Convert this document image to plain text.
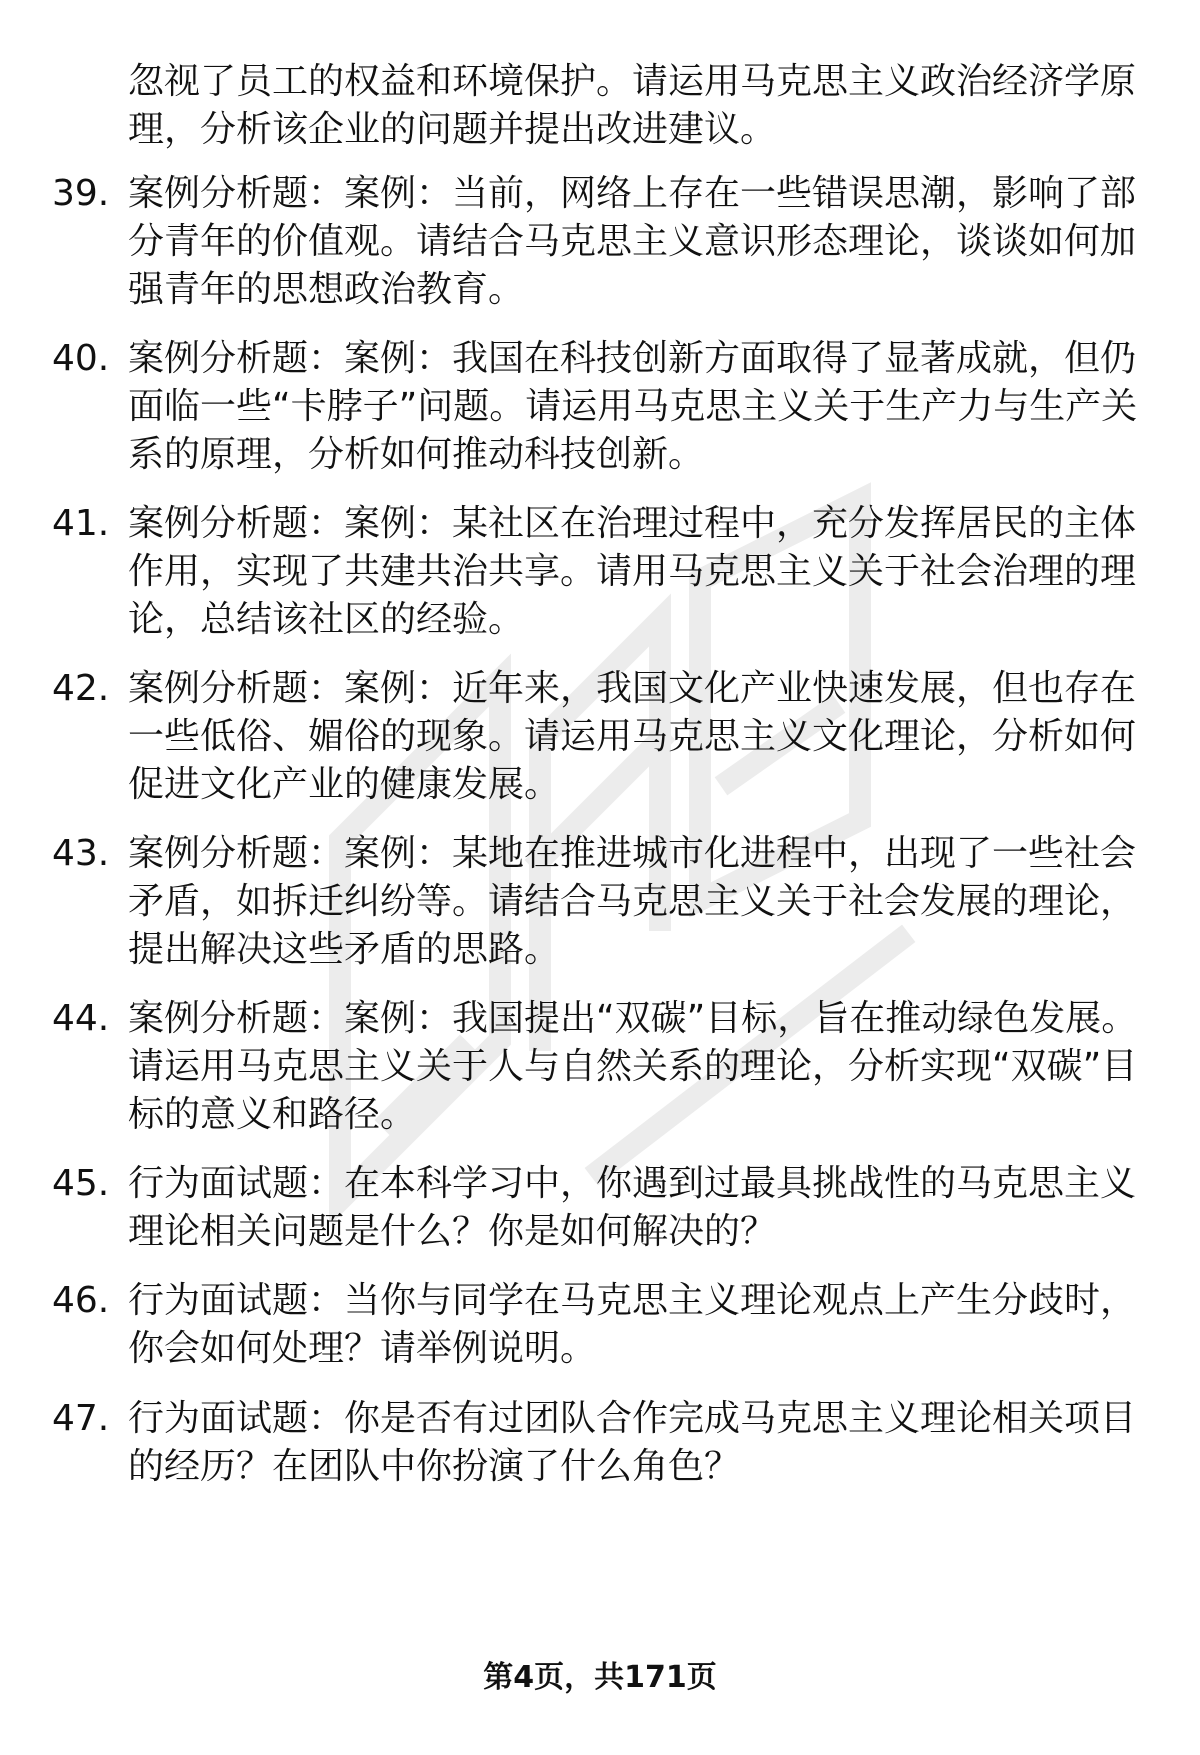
忽视了员工的权益和环境保护。请运用马克思主义政治经济学原理，分析该企业的问题并提出改进建议。

39. 案例分析题：案例：当前，网络上存在一些错误思潮，影响了部分青年的价值观。请结合马克思主义意识形态理论，谈谈如何加强青年的思想政治教育。

40. 案例分析题：案例：我国在科技创新方面取得了显著成就，但仍面临一些“卡脖子”问题。请运用马克思主义关于生产力与生产关系的原理，分析如何推动科技创新。

41. 案例分析题：案例：某社区在治理过程中，充分发挥居民的主体作用，实现了共建共治共享。请用马克思主义关于社会治理的理论，总结该社区的经验。

42. 案例分析题：案例：近年来，我国文化产业快速发展，但也存在一些低俗、媚俗的现象。请运用马克思主义文化理论，分析如何促进文化产业的健康发展。

43. 案例分析题：案例：某地在推进城市化进程中，出现了一些社会矛盾，如拆迁纠纷等。请结合马克思主义关于社会发展的理论，提出解决这些矛盾的思路。

44. 案例分析题：案例：我国提出“双碳”目标，旨在推动绿色发展。请运用马克思主义关于人与自然关系的理论，分析实现“双碳”目标的意义和路径。

45. 行为面试题：在本科学习中，你遇到过最具挑战性的马克思主义理论相关问题是什么？你是如何解决的？

46. 行为面试题：当你与同学在马克思主义理论观点上产生分歧时，你会如何处理？请举例说明。

47. 行为面试题：你是否有过团队合作完成马克思主义理论相关项目的经历？在团队中你扮演了什么角色？

第4页，共171页
